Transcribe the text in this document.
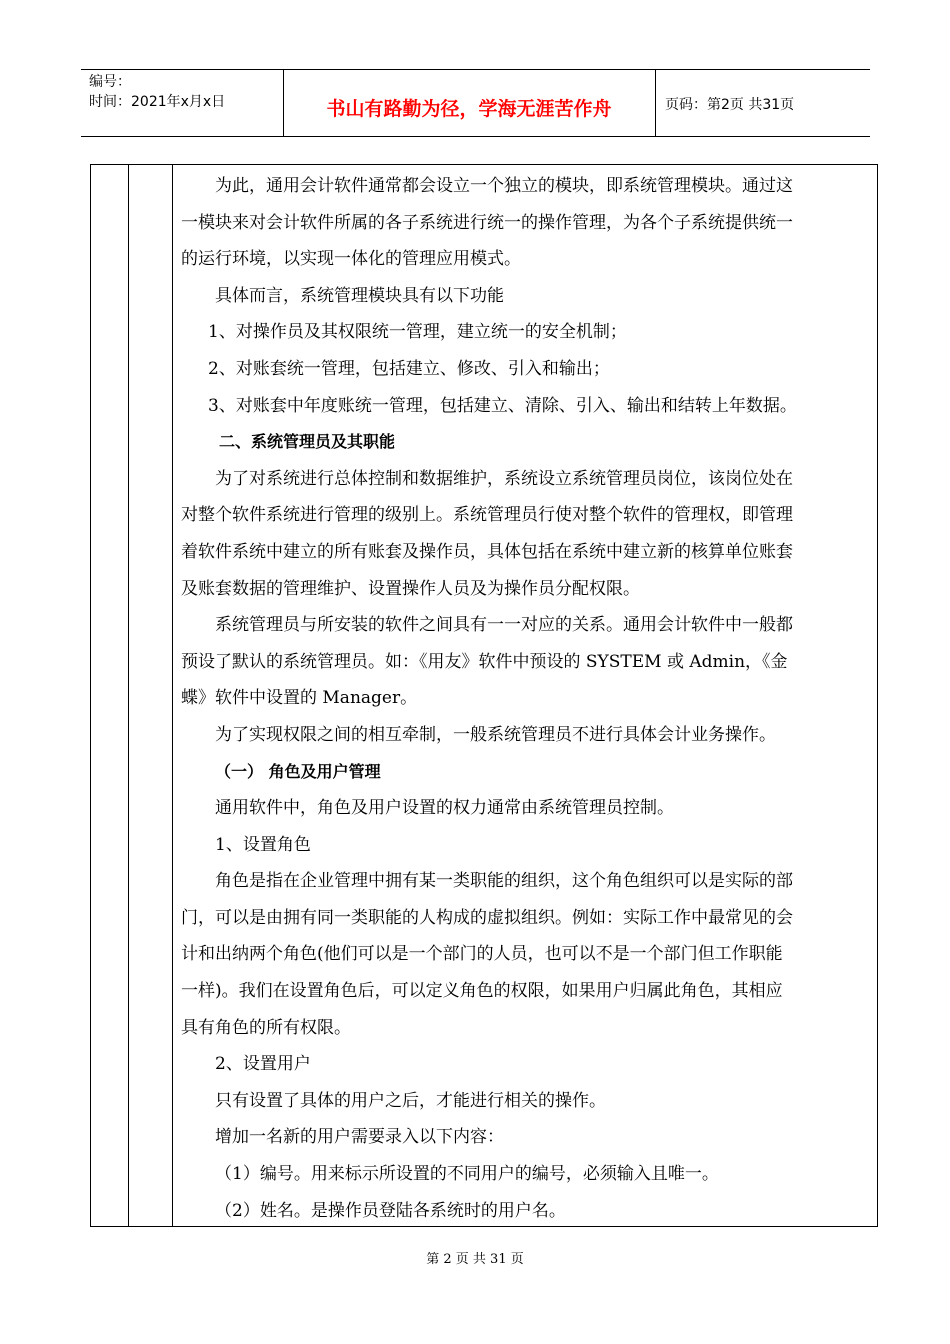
编号：
时间：2021年x月x日	书山有路勤为径，学海无涯苦作舟	页码：第2页 共31页

为此，通用会计软件通常都会设立一个独立的模块，即系统管理模块。通过这

一模块来对会计软件所属的各子系统进行统一的操作管理，为各个子系统提供统一

的运行环境，以实现一体化的管理应用模式。

具体而言，系统管理模块具有以下功能

1、对操作员及其权限统一管理，建立统一的安全机制；

2、对账套统一管理，包括建立、修改、引入和输出；

3、对账套中年度账统一管理，包括建立、清除、引入、输出和结转上年数据。

二、系统管理员及其职能

为了对系统进行总体控制和数据维护，系统设立系统管理员岗位，该岗位处在

对整个软件系统进行管理的级别上。系统管理员行使对整个软件的管理权，即管理

着软件系统中建立的所有账套及操作员，具体包括在系统中建立新的核算单位账套

及账套数据的管理维护、设置操作人员及为操作员分配权限。

系统管理员与所安装的软件之间具有一一对应的关系。通用会计软件中一般都

预设了默认的系统管理员。如：《用友》软件中预设的 SYSTEM 或 Admin，《金

蝶》软件中设置的 Manager。

为了实现权限之间的相互牵制，一般系统管理员不进行具体会计业务操作。

（一） 角色及用户管理

通用软件中，角色及用户设置的权力通常由系统管理员控制。

1、设置角色

角色是指在企业管理中拥有某一类职能的组织，这个角色组织可以是实际的部

门，可以是由拥有同一类职能的人构成的虚拟组织。例如：实际工作中最常见的会

计和出纳两个角色(他们可以是一个部门的人员，也可以不是一个部门但工作职能

一样)。我们在设置角色后，可以定义角色的权限，如果用户归属此角色，其相应

具有角色的所有权限。

2、设置用户

只有设置了具体的用户之后，才能进行相关的操作。

增加一名新的用户需要录入以下内容：

（1）编号。用来标示所设置的不同用户的编号，必须输入且唯一。

（2）姓名。是操作员登陆各系统时的用户名。

第 2 页 共 31 页
